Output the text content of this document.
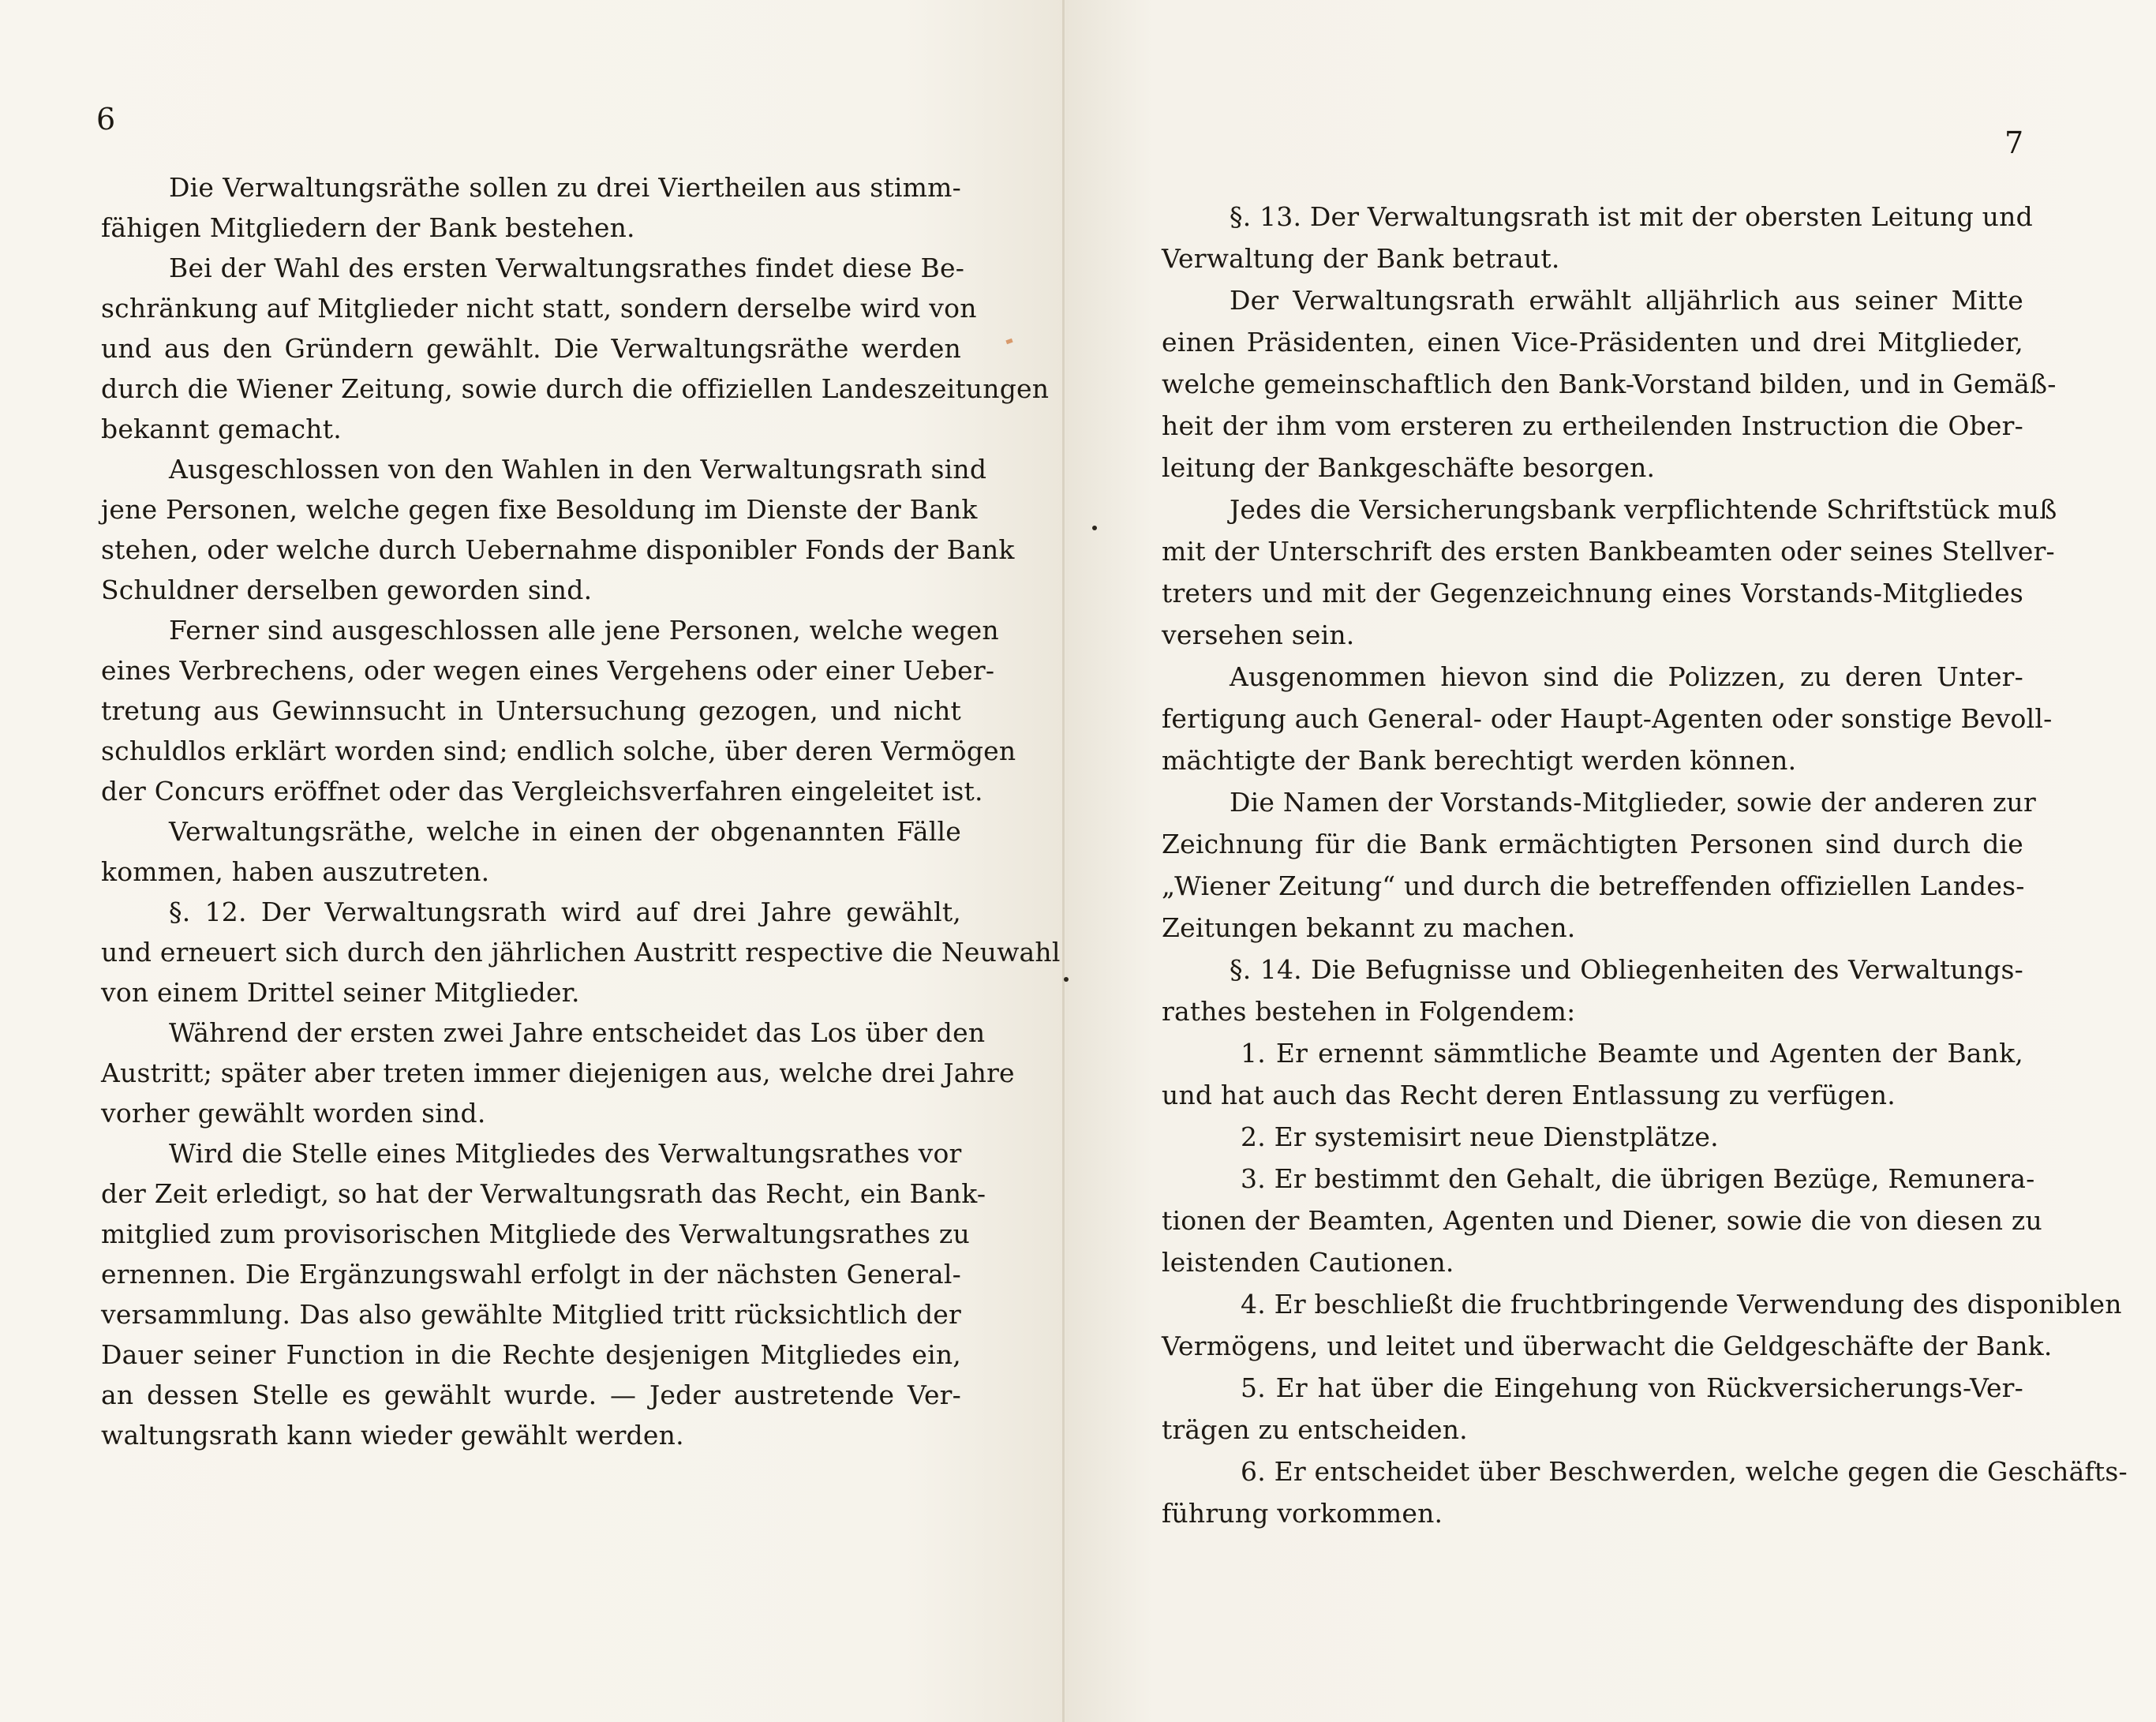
6
Die Verwaltungsräthe sollen zu drei Viertheilen aus stimm-
fähigen Mitgliedern der Bank bestehen.
Bei der Wahl des ersten Verwaltungsrathes findet diese Be-
schränkung auf Mitglieder nicht statt, sondern derselbe wird von
und aus den Gründern gewählt. Die Verwaltungsräthe werden
durch die Wiener Zeitung, sowie durch die offiziellen Landeszeitungen
bekannt gemacht.
Ausgeschlossen von den Wahlen in den Verwaltungsrath sind
jene Personen, welche gegen fixe Besoldung im Dienste der Bank
stehen, oder welche durch Uebernahme disponibler Fonds der Bank
Schuldner derselben geworden sind.
Ferner sind ausgeschlossen alle jene Personen, welche wegen
eines Verbrechens, oder wegen eines Vergehens oder einer Ueber-
tretung aus Gewinnsucht in Untersuchung gezogen, und nicht
schuldlos erklärt worden sind; endlich solche, über deren Vermögen
der Concurs eröffnet oder das Vergleichsverfahren eingeleitet ist.
Verwaltungsräthe, welche in einen der obgenannten Fälle
kommen, haben auszutreten.
§. 12. Der Verwaltungsrath wird auf drei Jahre gewählt,
und erneuert sich durch den jährlichen Austritt respective die Neuwahl
von einem Drittel seiner Mitglieder.
Während der ersten zwei Jahre entscheidet das Los über den
Austritt; später aber treten immer diejenigen aus, welche drei Jahre
vorher gewählt worden sind.
Wird die Stelle eines Mitgliedes des Verwaltungsrathes vor
der Zeit erledigt, so hat der Verwaltungsrath das Recht, ein Bank-
mitglied zum provisorischen Mitgliede des Verwaltungsrathes zu
ernennen. Die Ergänzungswahl erfolgt in der nächsten General-
versammlung. Das also gewählte Mitglied tritt rücksichtlich der
Dauer seiner Function in die Rechte desjenigen Mitgliedes ein,
an dessen Stelle es gewählt wurde. — Jeder austretende Ver-
waltungsrath kann wieder gewählt werden.
7
§. 13. Der Verwaltungsrath ist mit der obersten Leitung und
Verwaltung der Bank betraut.
Der Verwaltungsrath erwählt alljährlich aus seiner Mitte
einen Präsidenten, einen Vice-Präsidenten und drei Mitglieder,
welche gemeinschaftlich den Bank-Vorstand bilden, und in Gemäß-
heit der ihm vom ersteren zu ertheilenden Instruction die Ober-
leitung der Bankgeschäfte besorgen.
Jedes die Versicherungsbank verpflichtende Schriftstück muß
mit der Unterschrift des ersten Bankbeamten oder seines Stellver-
treters und mit der Gegenzeichnung eines Vorstands-Mitgliedes
versehen sein.
Ausgenommen hievon sind die Polizzen, zu deren Unter-
fertigung auch General- oder Haupt-Agenten oder sonstige Bevoll-
mächtigte der Bank berechtigt werden können.
Die Namen der Vorstands-Mitglieder, sowie der anderen zur
Zeichnung für die Bank ermächtigten Personen sind durch die
„Wiener Zeitung“ und durch die betreffenden offiziellen Landes-
Zeitungen bekannt zu machen.
§. 14. Die Befugnisse und Obliegenheiten des Verwaltungs-
rathes bestehen in Folgendem:
1. Er ernennt sämmtliche Beamte und Agenten der Bank,
und hat auch das Recht deren Entlassung zu verfügen.
2. Er systemisirt neue Dienstplätze.
3. Er bestimmt den Gehalt, die übrigen Bezüge, Remunera-
tionen der Beamten, Agenten und Diener, sowie die von diesen zu
leistenden Cautionen.
4. Er beschließt die fruchtbringende Verwendung des disponiblen
Vermögens, und leitet und überwacht die Geldgeschäfte der Bank.
5. Er hat über die Eingehung von Rückversicherungs-Ver-
trägen zu entscheiden.
6. Er entscheidet über Beschwerden, welche gegen die Geschäfts-
führung vorkommen.
